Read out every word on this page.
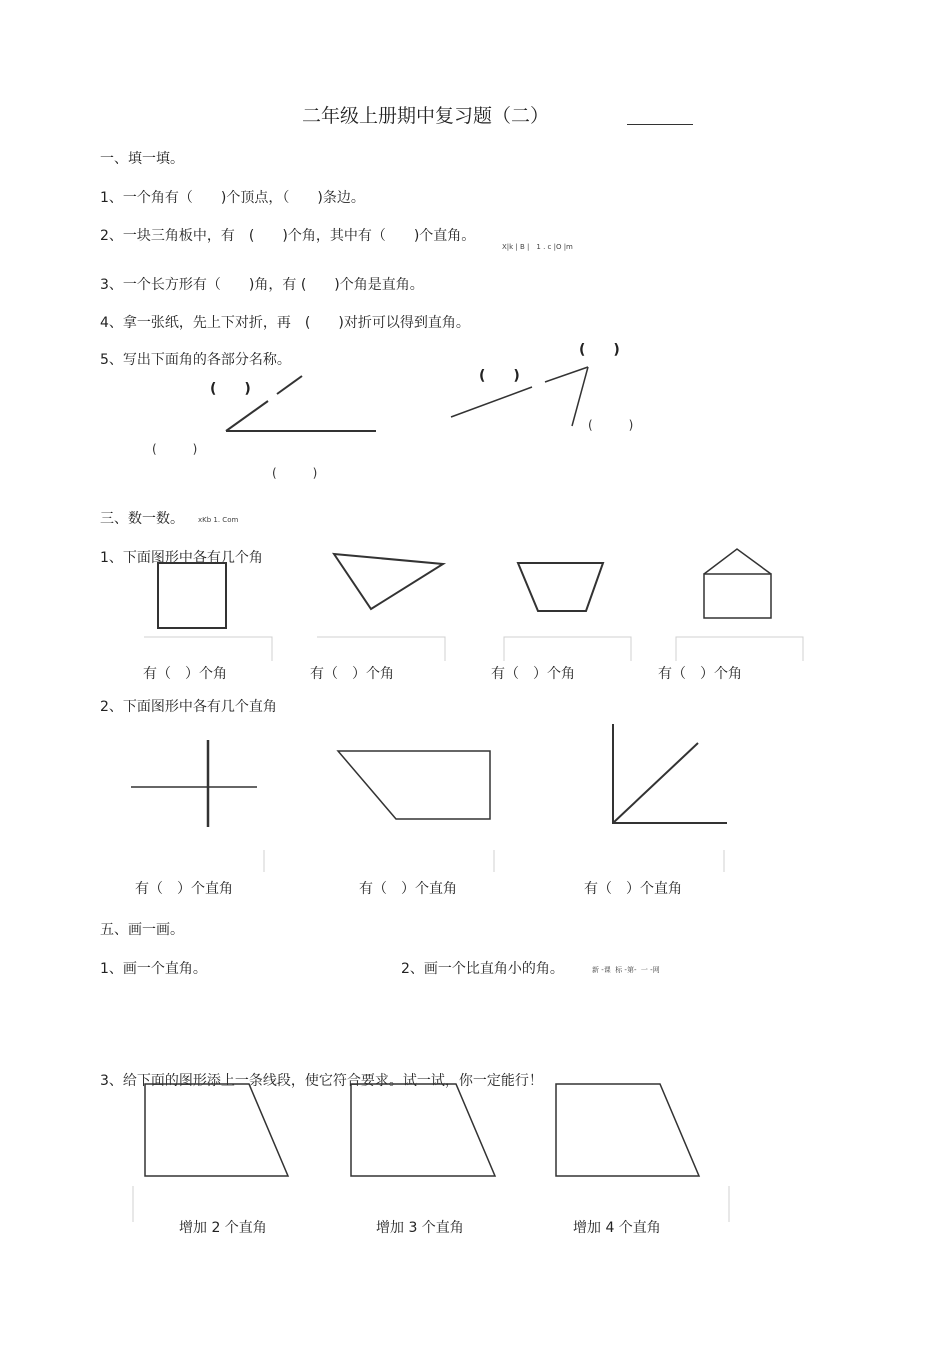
二年级上册期中复习题（二）
一、填一填。
1、一个角有（　　)个顶点，（　　)条边。
2、一块三角板中，有　(　　)个角，其中有（　　)个直角。
X|k | B |　1 . c |O |m
3、一个长方形有（　　)角，有 (　　)个角是直角。
4、拿一张纸，先上下对折，再　(　　)对折可以得到直角。
5、写出下面角的各部分名称。
(　　)
(　　　)
(　　　)
(　　)
(　　)
(　　　)
三、数一数。 xKb 1. Com
1、下面图形中各有几个角
有（　）个角	有（　）个角	有（　）个角	有（　）个角
2、下面图形中各有几个直角
有（　）个直角	有（　）个直角	有（　）个直角
五、画一画。
1、画一个直角。	2、画一个比直角小的角。	新 -课  标 -第-  一 -网
3、给下面的图形添上一条线段，使它符合要求。试一试，你一定能行！
增加 2 个直角	增加 3 个直角	增加 4 个直角
